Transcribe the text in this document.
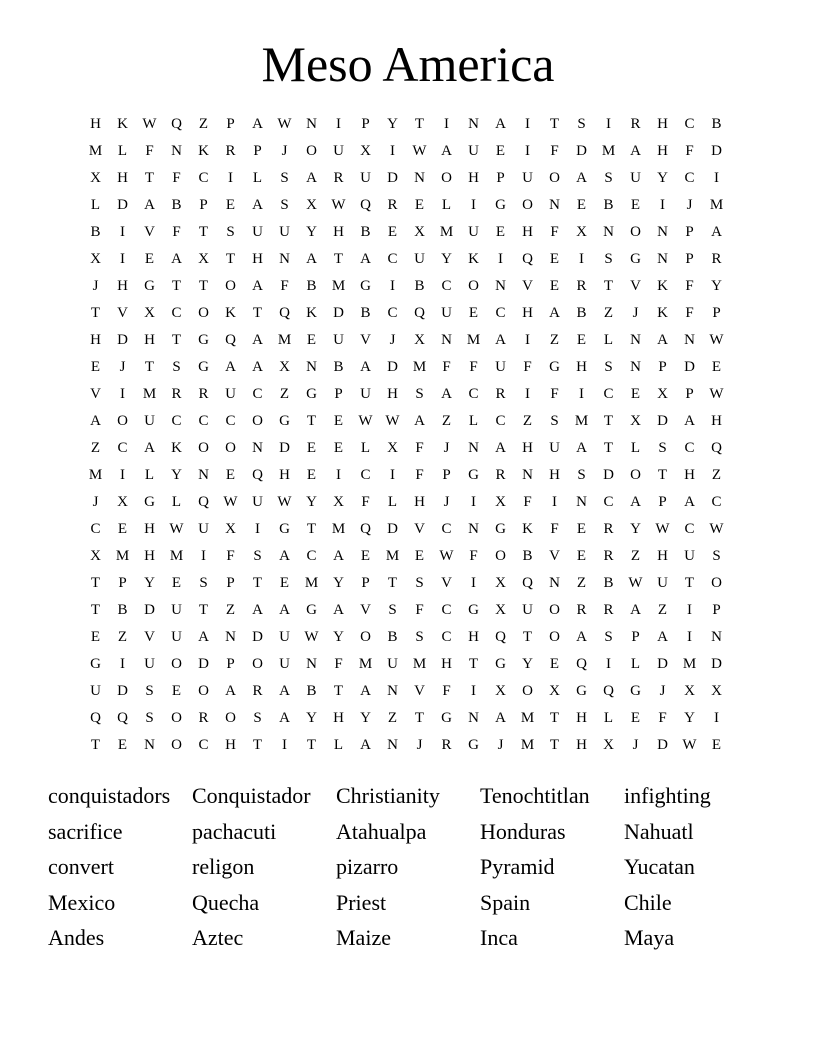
Meso America
H	K W Q	Z	P	A W N	I	P	Y	T	I	N	A	I	T	S	I	R	H	C	B
M	L	F	N	K	R	P	J	O	U	X	I	W A	U	E	I	F	D M A	H	F	D
X	H	T	F	C	I	L	S	A	R	U	D	N	O	H	P	U	O	A	S	U	Y	C	I
L	D	A	B	P	E	A	S	X W Q	R	E	L	I	G	O	N	E	B	E	I	J	M
B	I	V	F	T	S	U	U	Y	H	B	E	X M U	E	H	F	X	N	O	N	P	A
X	I	E	A	X	T	H	N	A	T	A	C	U	Y	K	I	Q	E	I	S	G	N	P	R
J	H	G	T	T	O	A	F	B	M G	I	B	C	O	N	V	E	R	T	V	K	F	Y
T	V	X	C	O	K	T	Q	K	D	B	C	Q	U	E	C	H	A	B	Z	J	K	F	P
H	D	H	T	G	Q	A M	E	U	V	J	X	N M A	I	Z	E	L	N	A	N W
E	J	T	S	G	A	A	X	N	B	A	D M	F	F	U	F	G	H	S	N	P	D	E
V	I	M	R	R	U	C	Z	G	P	U	H	S	A	C	R	I	F	I	C	E	X	P	W
A	O	U	C	C	C	O	G	T	E	W W A	Z	L	C	Z	S	M	T	X	D	A	H
Z	C	A	K	O	O	N	D	E	E	L	X	F	J	N	A	H	U	A	T	L	S	C	Q
M	I	L	Y	N	E	Q	H	E	I	C	I	F	P	G	R	N	H	S	D	O	T	H	Z
J	X	G	L	Q W U W Y	X	F	L	H	J	I	X	F	I	N	C	A	P	A	C
C	E	H W U	X	I	G	T	M Q	D	V	C	N	G	K	F	E	R	Y W C W
X M H M	I	F	S	A	C	A	E	M	E	W	F	O	B	V	E	R	Z	H	U	S
T	P	Y	E	S	P	T	E	M Y	P	T	S	V	I	X	Q	N	Z	B W U	T	O
T	B	D	U	T	Z	A	A	G	A	V	S	F	C	G	X	U	O	R	R	A	Z	I	P
E	Z	V	U	A	N	D	U W Y	O	B	S	C	H	Q	T	O	A	S	P	A	I	N
G	I	U	O	D	P	O	U	N	F	M U M H	T	G	Y	E	Q	I	L	D M D
U	D	S	E	O	A	R	A	B	T	A	N	V	F	I	X	O	X	G	Q	G	J	X	X
Q	Q	S	O	R	O	S	A	Y	H	Y	Z	T	G	N	A M	T	H	L	E	F	Y	I
T	E	N	O	C	H	T	I	T	L	A	N	J	R	G	J	M	T	H	X	J	D W	E
conquistadors Conquistador	Christianity	Tenochtitlan	infighting
sacrifice	pachacuti	Atahualpa	Honduras	Nahuatl
convert	religon	pizarro	Pyramid	Yucatan
Mexico	Quecha	Priest	Spain	Chile
Andes	Aztec	Maize	Inca	Maya
